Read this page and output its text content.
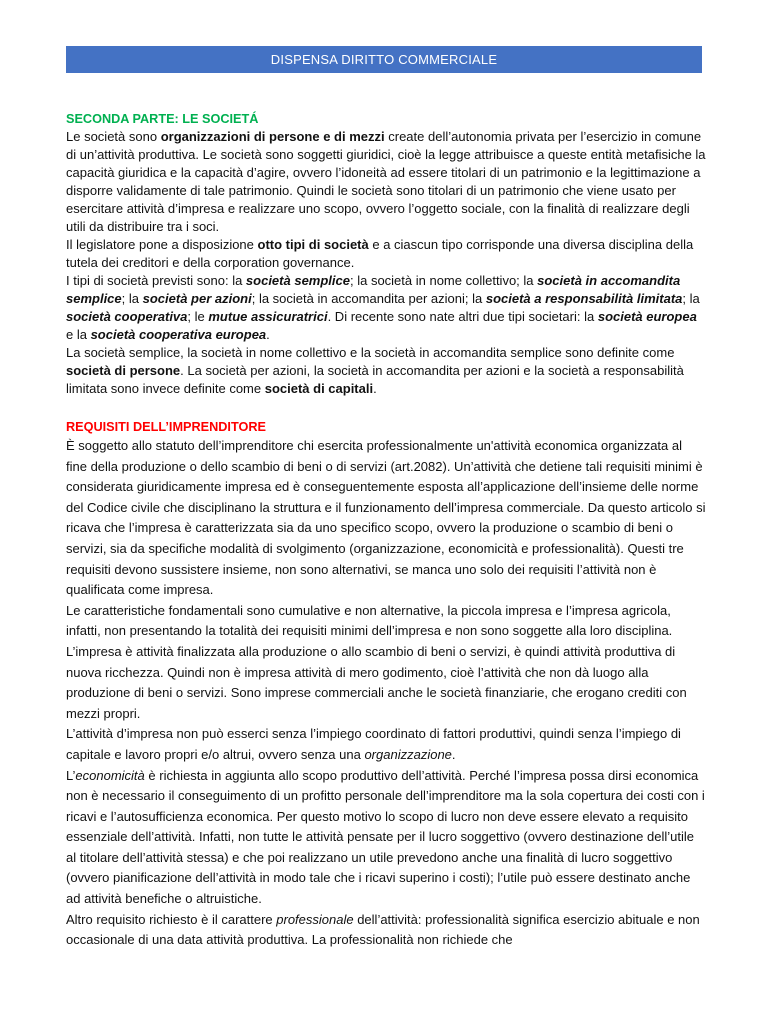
DISPENSA DIRITTO COMMERCIALE

SECONDA PARTE: LE SOCIETÁ

Le società sono organizzazioni di persone e di mezzi create dell’autonomia privata per l’esercizio in comune di un’attività produttiva. Le società sono soggetti giuridici, cioè la legge attribuisce a queste entità metafisiche la capacità giuridica e la capacità d’agire, ovvero l’idoneità ad essere titolari di un patrimonio e la legittimazione a disporre validamente di tale patrimonio. Quindi le società sono titolari di un patrimonio che viene usato per esercitare attività d’impresa e realizzare uno scopo, ovvero l’oggetto sociale, con la finalità di realizzare degli utili da distribuire tra i soci.

Il legislatore pone a disposizione otto tipi di società e a ciascun tipo corrisponde una diversa disciplina della tutela dei creditori e della corporation governance.

I tipi di società previsti sono: la società semplice; la società in nome collettivo; la società in accomandita semplice; la società per azioni; la società in accomandita per azioni; la società a responsabilità limitata; la società cooperativa; le mutue assicuratrici. Di recente sono nate altri due tipi societari: la società europea e la società cooperativa europea.

La società semplice, la società in nome collettivo e la società in accomandita semplice sono definite come società di persone. La società per azioni, la società in accomandita per azioni e la società a responsabilità limitata sono invece definite come società di capitali.

REQUISITI DELL’IMPRENDITORE

È soggetto allo statuto dell’imprenditore chi esercita professionalmente un'attività economica organizzata al fine della produzione o dello scambio di beni o di servizi (art.2082). Un’attività che detiene tali requisiti minimi è considerata giuridicamente impresa ed è conseguentemente esposta all’applicazione dell’insieme delle norme del Codice civile che disciplinano la struttura e il funzionamento dell’impresa commerciale. Da questo articolo si ricava che l’impresa è caratterizzata sia da uno specifico scopo, ovvero la produzione o scambio di beni o servizi, sia da specifiche modalità di svolgimento (organizzazione, economicità e professionalità). Questi tre requisiti devono sussistere insieme, non sono alternativi, se manca uno solo dei requisiti l’attività non è qualificata come impresa.

Le caratteristiche fondamentali sono cumulative e non alternative, la piccola impresa e l’impresa agricola, infatti, non presentando la totalità dei requisiti minimi dell’impresa e non sono soggette alla loro disciplina.

L’impresa è attività finalizzata alla produzione o allo scambio di beni o servizi, è quindi attività produttiva di nuova ricchezza. Quindi non è impresa attività di mero godimento, cioè l’attività che non dà luogo alla produzione di beni o servizi. Sono imprese commerciali anche le società finanziarie, che erogano crediti con mezzi propri.

L’attività d’impresa non può esserci senza l’impiego coordinato di fattori produttivi, quindi senza l’impiego di capitale e lavoro propri e/o altrui, ovvero senza una organizzazione.

L’economicità è richiesta in aggiunta allo scopo produttivo dell’attività. Perché l’impresa possa dirsi economica non è necessario il conseguimento di un profitto personale dell’imprenditore ma la sola copertura dei costi con i ricavi e l’autosufficienza economica. Per questo motivo lo scopo di lucro non deve essere elevato a requisito essenziale dell’attività. Infatti, non tutte le attività pensate per il lucro soggettivo (ovvero destinazione dell’utile al titolare dell’attività stessa) e che poi realizzano un utile prevedono anche una finalità di lucro soggettivo (ovvero pianificazione dell’attività in modo tale che i ricavi superino i costi); l’utile può essere destinato anche ad attività benefiche o altruistiche.

Altro requisito richiesto è il carattere professionale dell’attività: professionalità significa esercizio abituale e non occasionale di una data attività produttiva. La professionalità non richiede che
